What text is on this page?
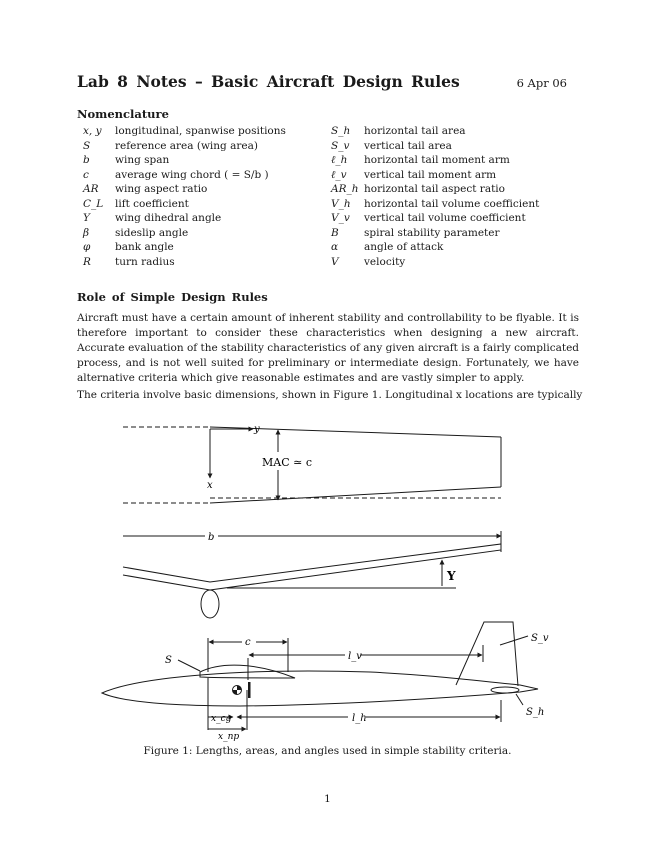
Lab 8 Notes – Basic Aircraft Design Rules	6 Apr 06
Nomenclature
x, y	longitudinal, spanwise positions
S	reference area (wing area)
b	wing span
c	average wing chord ( = S/b )
AR	wing aspect ratio
C_L	lift coefficient
Υ	wing dihedral angle
β	sideslip angle
φ	bank angle
R	turn radius
S_h	horizontal tail area
S_v	vertical tail area
ℓ_h	horizontal tail moment arm
ℓ_v	vertical tail moment arm
AR_h horizontal tail aspect ratio
V_h	horizontal tail volume coefficient
V_v	vertical tail volume coefficient
B	spiral stability parameter
α	angle of attack
V	velocity
Role of Simple Design Rules
Aircraft must have a certain amount of inherent stability and controllability to be flyable. It is therefore important to consider these characteristics when designing a new aircraft. Accurate evaluation of the stability characteristics of any given aircraft is a fairly complicated process, and is not well suited for preliminary or intermediate design. Fortunately, we have alternative criteria which give reasonable estimates and are vastly simpler to apply.
The criteria involve basic dimensions, shown in Figure 1. Longitudinal x locations are typically
y
x
MAC ≃ c
b
Υ
c
S	l_v
S_v
S_h
x_cg
x_np
l_h
Figure 1: Lengths, areas, and angles used in simple stability criteria.
1
